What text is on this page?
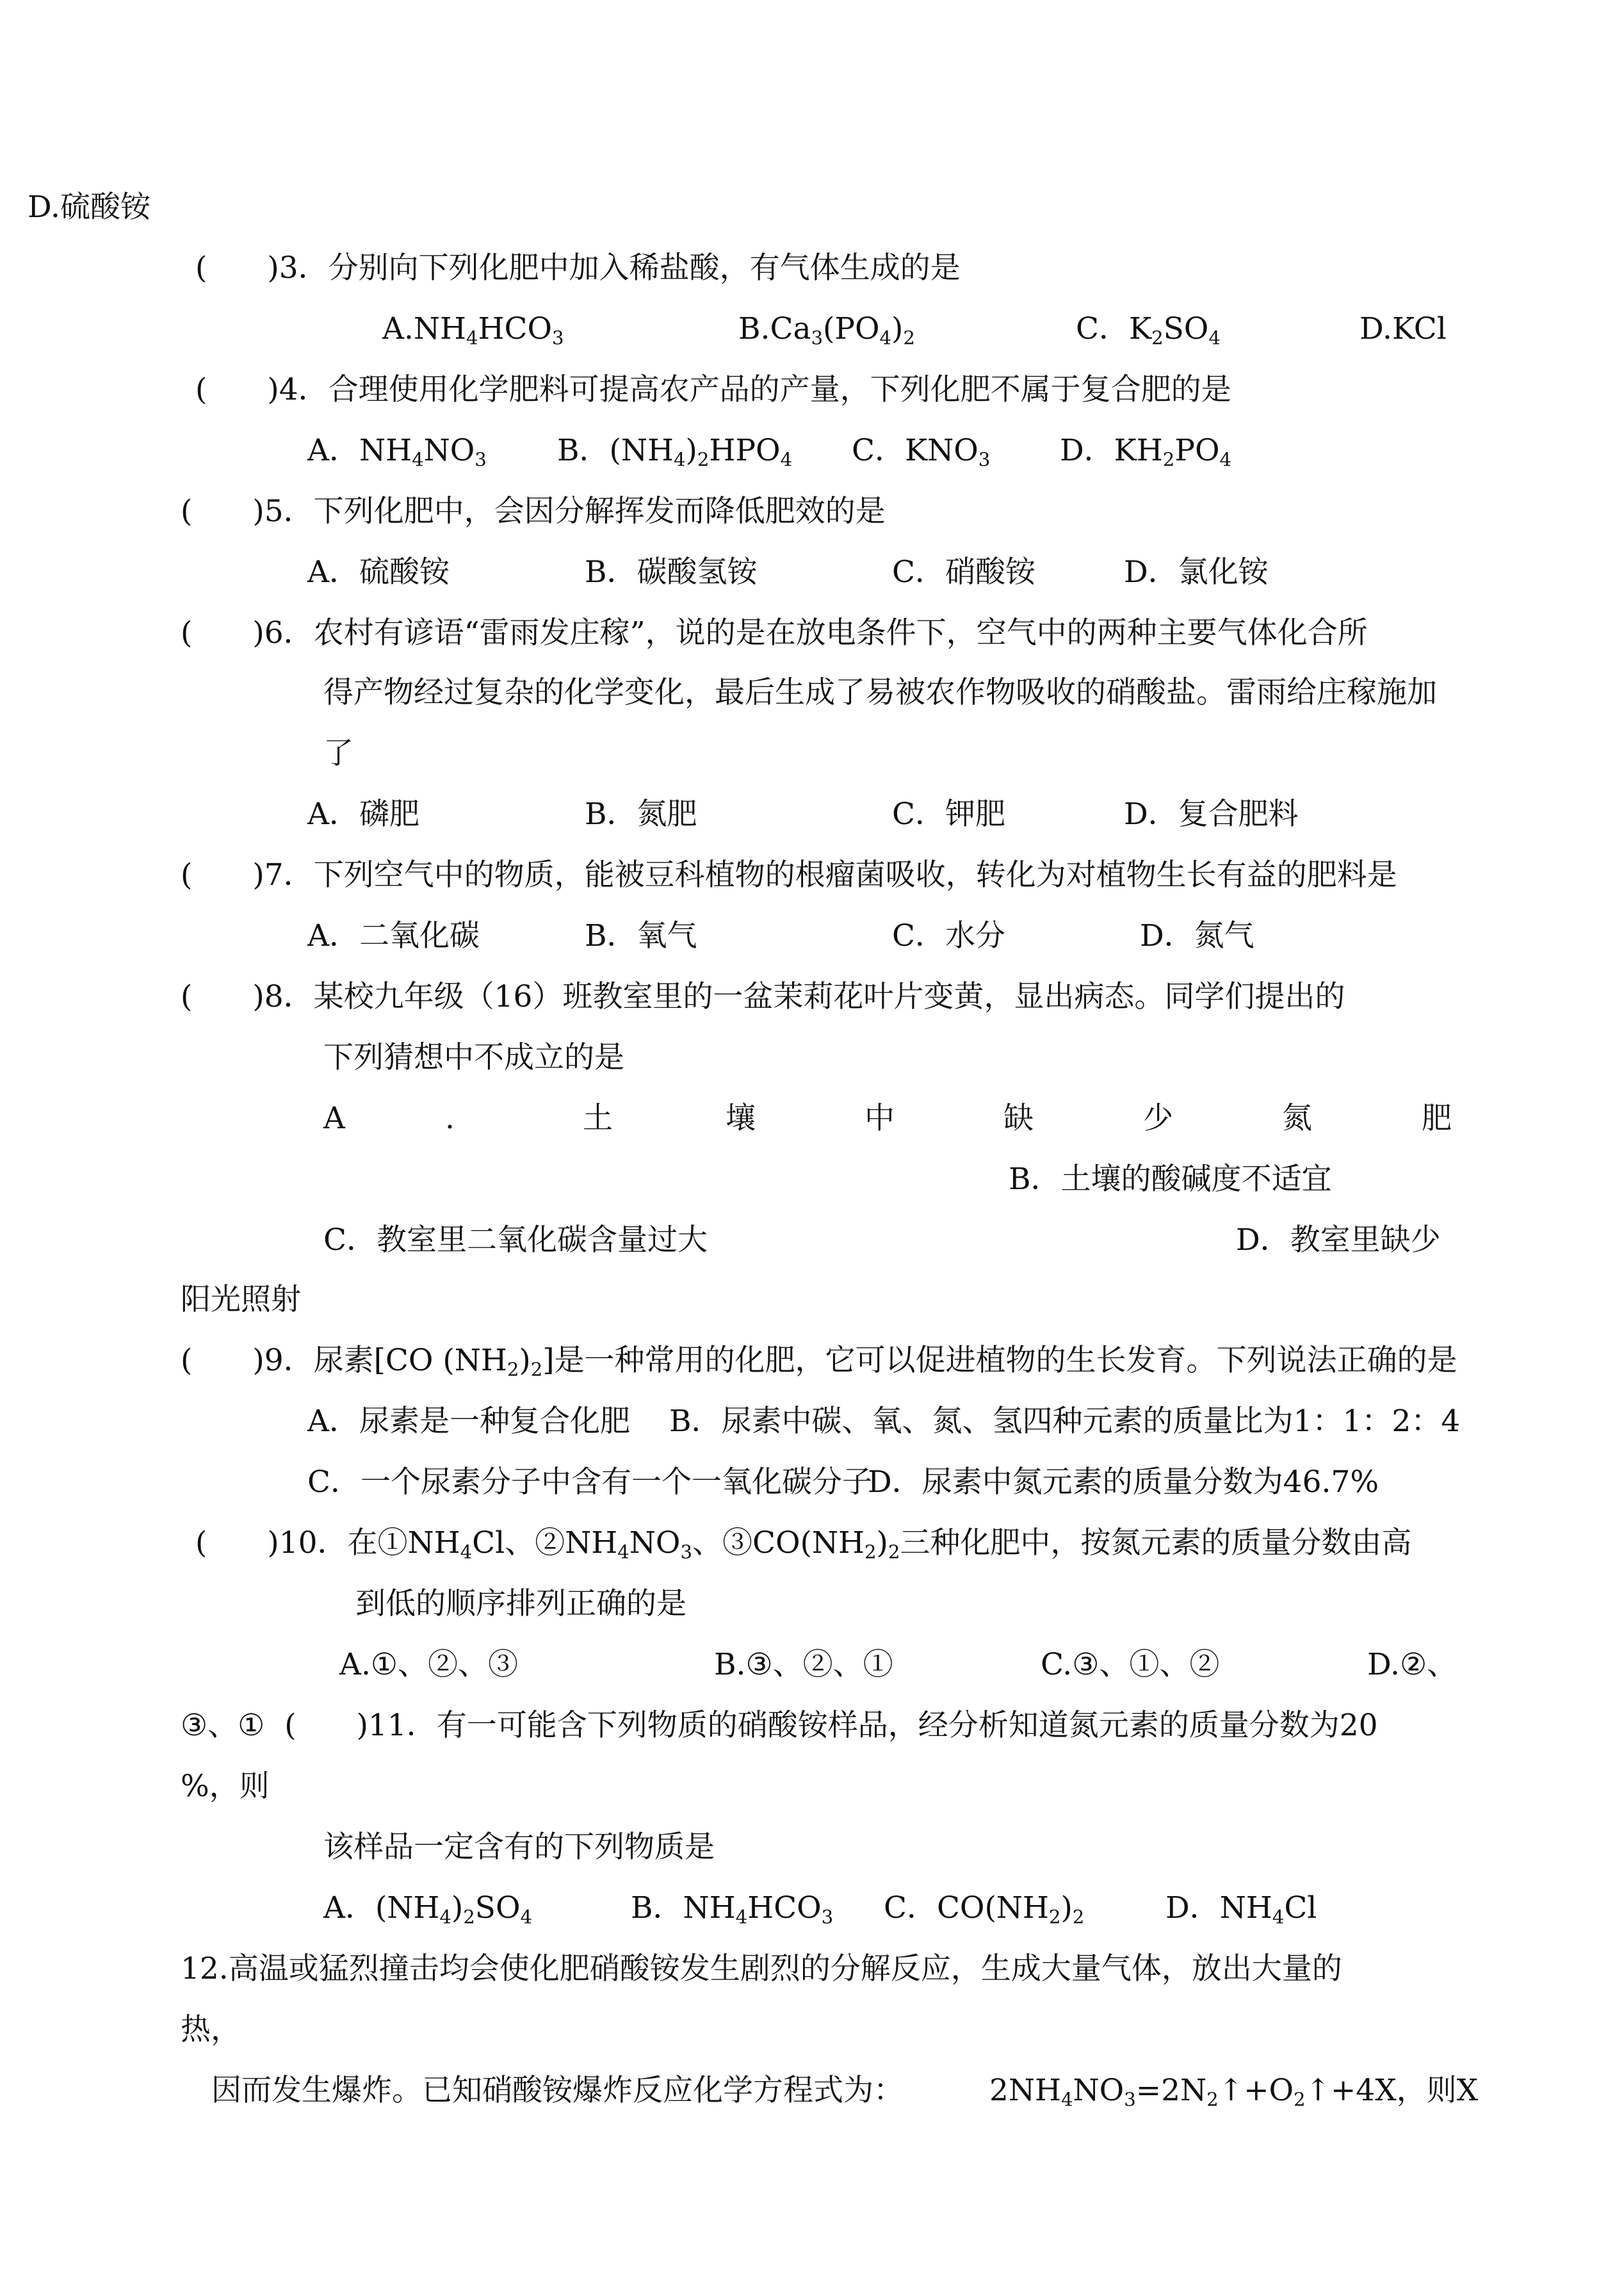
D.硫酸铵
(　　)3．分别向下列化肥中加入稀盐酸，有气体生成的是
$A.NH_4HCO_3$	$B.Ca_3(PO_4)_2$	C．$K_2SO_4$	D.KCl
(　　)4．合理使用化学肥料可提高农产品的产量，下列化肥不属于复合肥的是
A．$NH_4NO_3$ B．$(NH_4)_2HPO_4$ C．$KNO_3$ D．$KH_2PO_4$
(　　)5．下列化肥中，会因分解挥发而降低肥效的是
A．硫酸铵	B．碳酸氢铵	C．硝酸铵	D．氯化铵
(　　)6．农村有谚语“雷雨发庄稼”，说的是在放电条件下，空气中的两种主要气体化合所
得产物经过复杂的化学变化，最后生成了易被农作物吸收的硝酸盐。雷雨给庄稼施加
了
A．磷肥	B．氮肥	C．钾肥	D．复合肥料
(　　)7．下列空气中的物质，能被豆科植物的根瘤菌吸收，转化为对植物生长有益的肥料是
A．二氧化碳	B．氧气	C．水分	D．氮气
(　　)8．某校九年级（16）班教室里的一盆茉莉花叶片变黄，显出病态。同学们提出的
下列猜想中不成立的是
A	.	土	壤	中	缺	少	氮	肥
B．土壤的酸碱度不适宜
C．教室里二氧化碳含量过大	D．教室里缺少
阳光照射
(　　)9．尿素[CO $(NH_2)_2$]是一种常用的化肥，它可以促进植物的生长发育。下列说法正确的是
A．尿素是一种复合化肥 B．尿素中碳、氧、氮、氢四种元素的质量比为1：1：2：4
C．一个尿素分子中含有一个一氧化碳分子
D．尿素中氮元素的质量分数为46.7%
(　　)10．在$①NH_4Cl$、$②NH_4NO_3$、$③CO(NH_2)_2$三种化肥中，按氮元素的质量分数由高
到低的顺序排列正确的是
A.①、②、③	B.③、②、①	C.③、①、②	D.②、
③、① (　　)11．有一可能含下列物质的硝酸铵样品，经分析知道氮元素的质量分数为20
%，则
该样品一定含有的下列物质是
A．$(NH_4)_2SO_4$	B．$NH_4HCO_3$ C．$CO(NH_2)_2$	D．$NH_4Cl$
12.高温或猛烈撞击均会使化肥硝酸铵发生剧烈的分解反应，生成大量气体，放出大量的
热，
因而发生爆炸。已知硝酸铵爆炸反应化学方程式为：	$2NH_4NO_3=2N_2↑+O_2↑+4X$，则X
